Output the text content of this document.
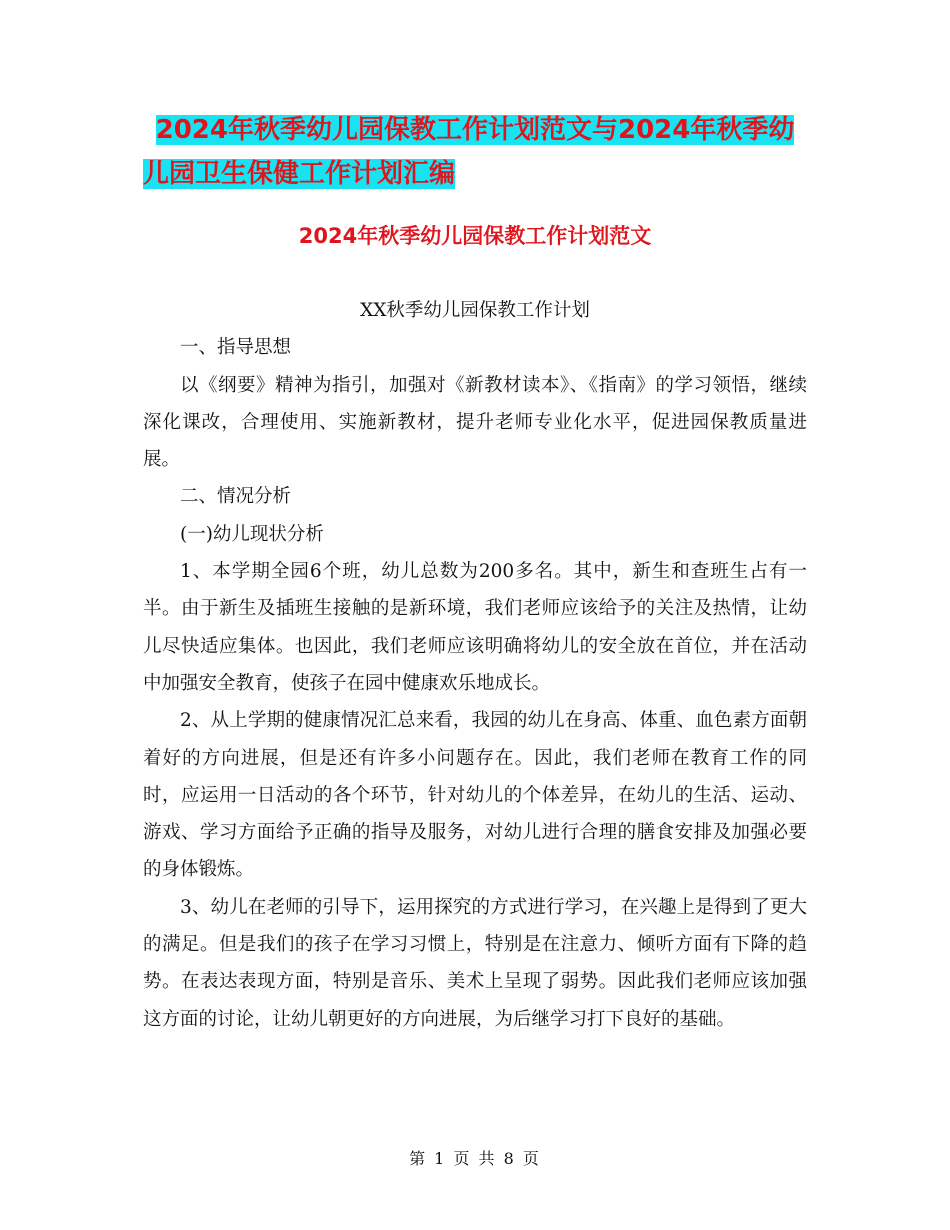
2024年秋季幼儿园保教工作计划范文与2024年秋季幼
儿园卫生保健工作计划汇编
2024年秋季幼儿园保教工作计划范文

XX秋季幼儿园保教工作计划

一、指导思想

以《纲要》精神为指引，加强对《新教材读本》、《指南》的学习领悟，继续深化课改，合理使用、实施新教材，提升老师专业化水平，促进园保教质量进展。

二、情况分析

(一)幼儿现状分析

1、本学期全园6个班，幼儿总数为200多名。其中，新生和查班生占有一半。由于新生及插班生接触的是新环境，我们老师应该给予的关注及热情，让幼儿尽快适应集体。也因此，我们老师应该明确将幼儿的安全放在首位，并在活动中加强安全教育，使孩子在园中健康欢乐地成长。

2、从上学期的健康情况汇总来看，我园的幼儿在身高、体重、血色素方面朝着好的方向进展，但是还有许多小问题存在。因此，我们老师在教育工作的同时，应运用一日活动的各个环节，针对幼儿的个体差异，在幼儿的生活、运动、游戏、学习方面给予正确的指导及服务，对幼儿进行合理的膳食安排及加强必要的身体锻炼。

3、幼儿在老师的引导下，运用探究的方式进行学习，在兴趣上是得到了更大的满足。但是我们的孩子在学习习惯上，特别是在注意力、倾听方面有下降的趋势。在表达表现方面，特别是音乐、美术上呈现了弱势。因此我们老师应该加强这方面的讨论，让幼儿朝更好的方向进展，为后继学习打下良好的基础。

第 1 页 共 8 页
